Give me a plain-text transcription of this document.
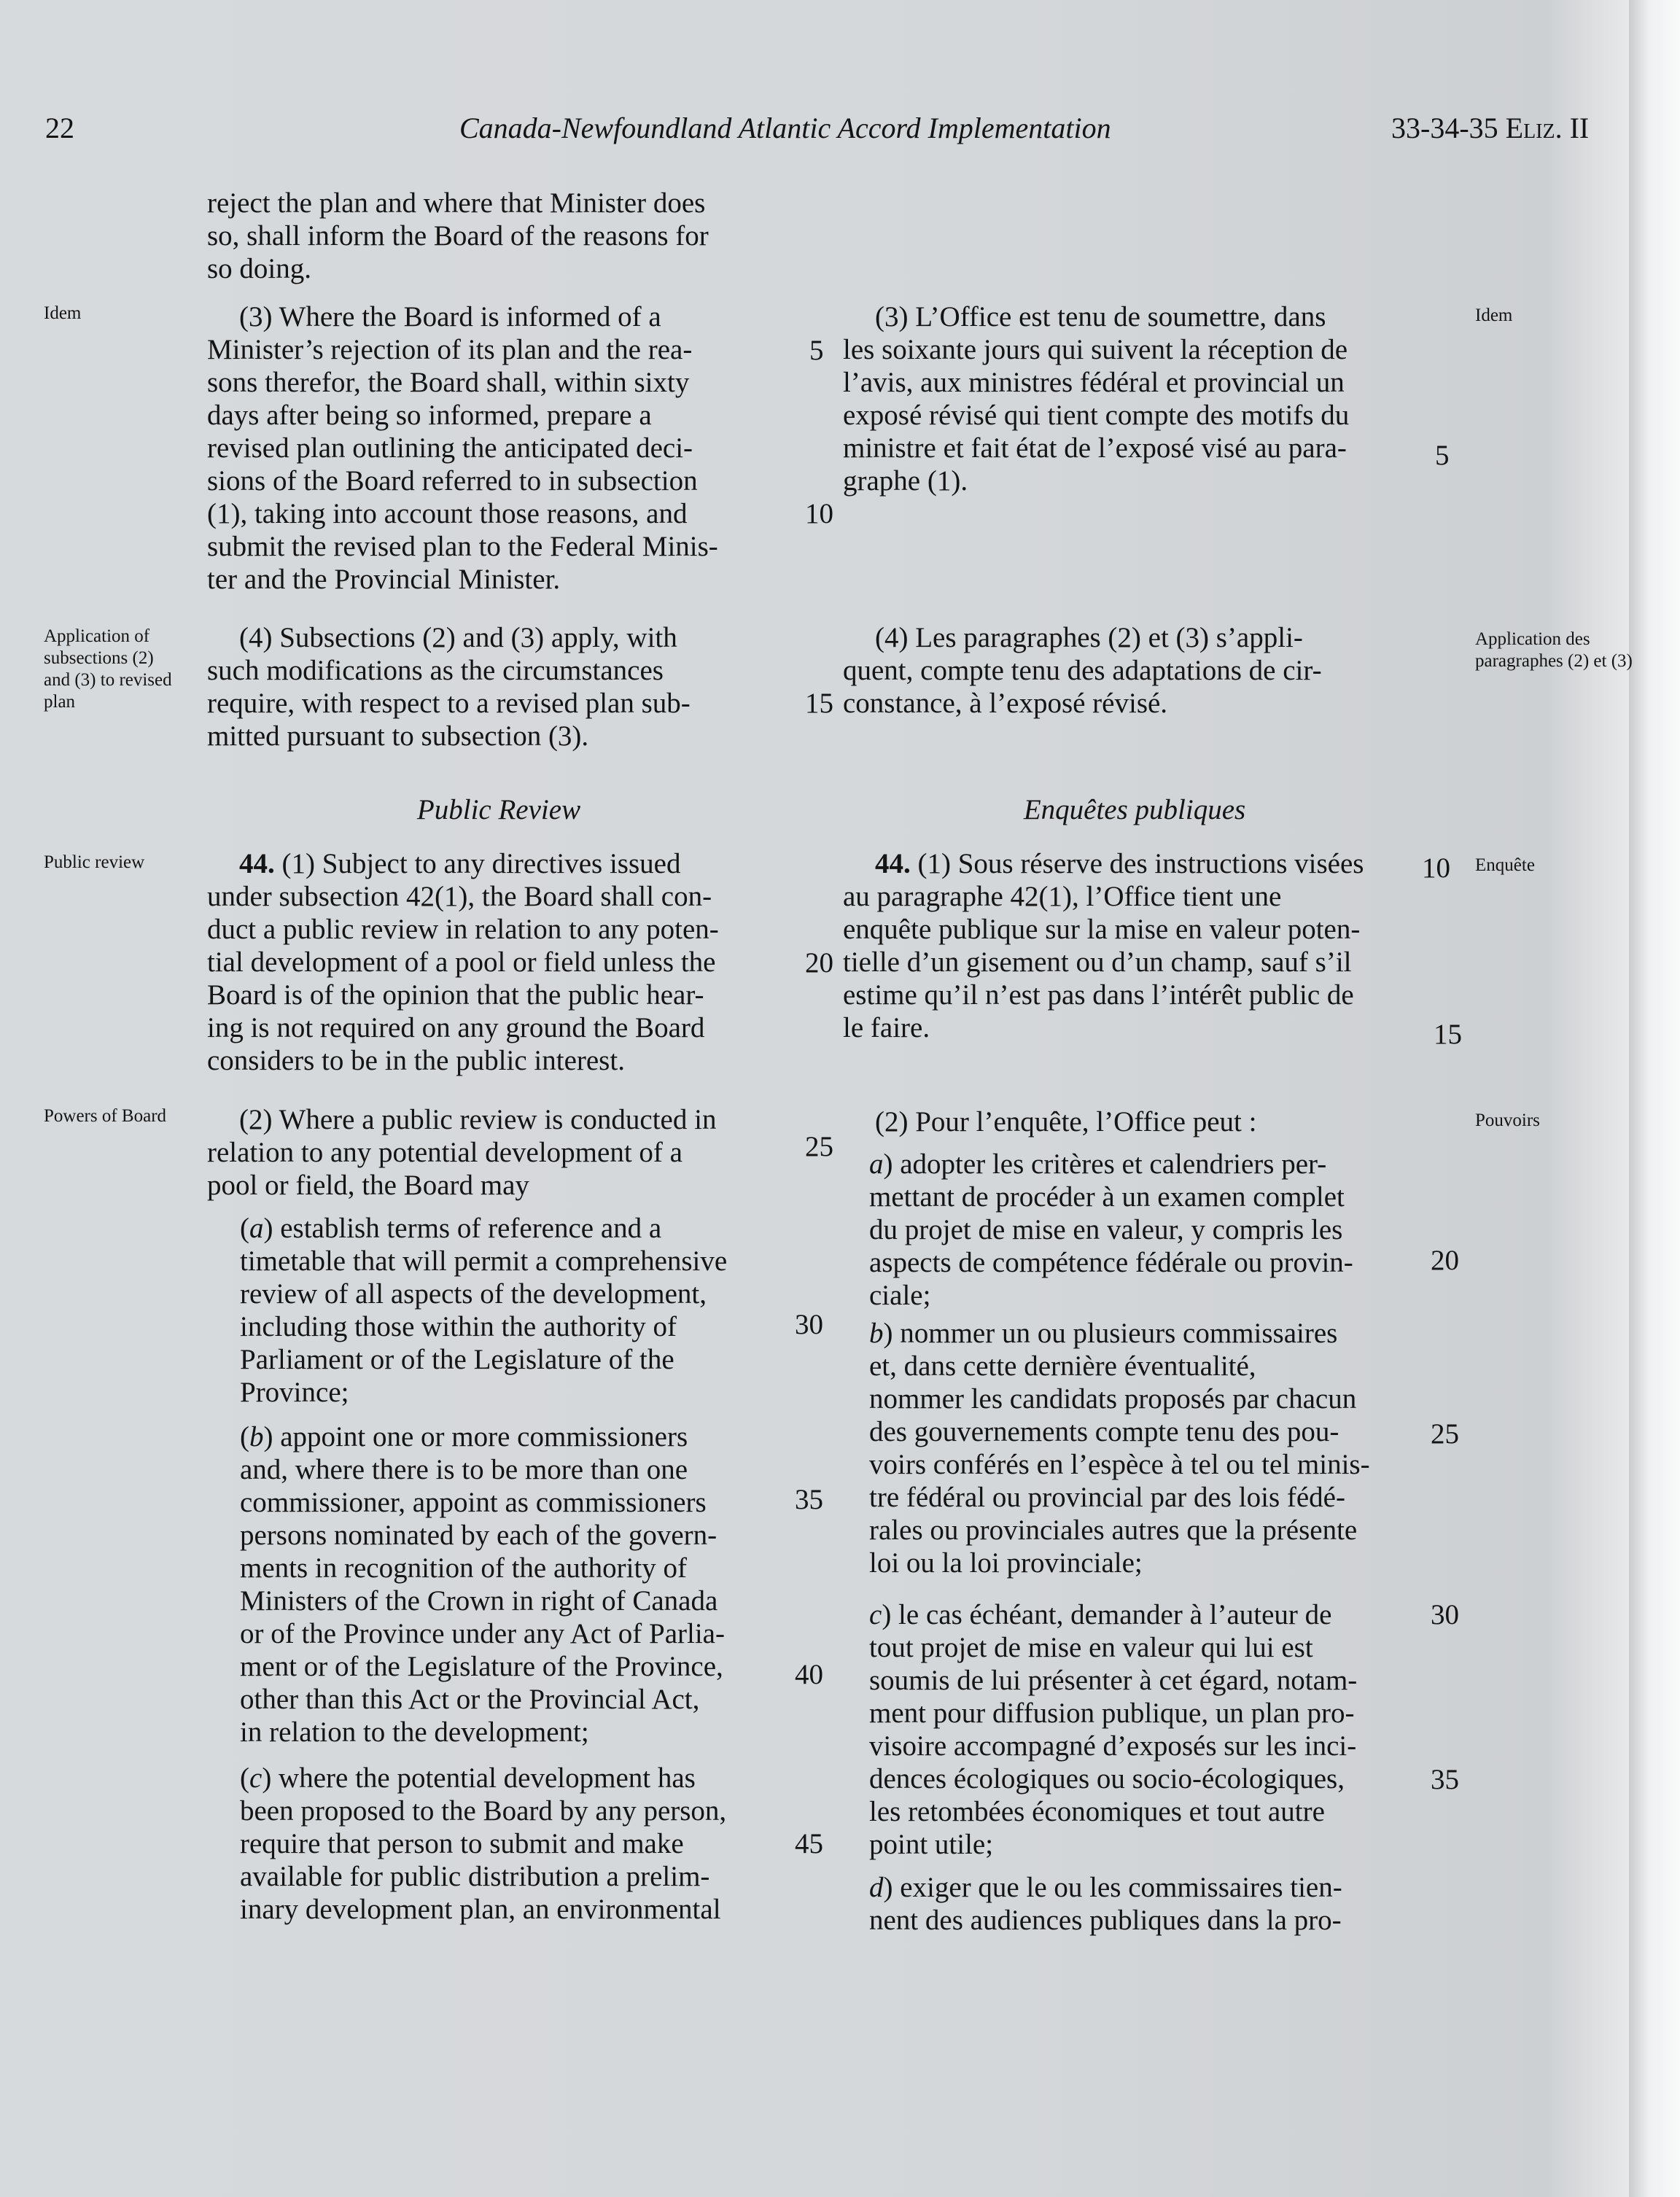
22	Canada-Newfoundland Atlantic Accord Implementation	33-34-35 Eliz. II
Idem
Application of subsections (2) and (3) to revised plan
Public review
Powers of Board
Idem
Application des paragraphes (2) et (3)
Enquête
Pouvoirs

reject the plan and where that Minister does

so, shall inform the Board of the reasons for

so doing.

(3) Where the Board is informed of a

Minister’s rejection of its plan and the rea-

sons therefor, the Board shall, within sixty

days after being so informed, prepare a

revised plan outlining the anticipated deci-

sions of the Board referred to in subsection

(1), taking into account those reasons, and

submit the revised plan to the Federal Minis-

ter and the Provincial Minister.

(4) Subsections (2) and (3) apply, with

such modifications as the circumstances

require, with respect to a revised plan sub-

mitted pursuant to subsection (3).

Public Review

44. (1) Subject to any directives issued

under subsection 42(1), the Board shall con-

duct a public review in relation to any poten-

tial development of a pool or field unless the

Board is of the opinion that the public hear-

ing is not required on any ground the Board

considers to be in the public interest.

(2) Where a public review is conducted in

relation to any potential development of a

pool or field, the Board may

(a) establish terms of reference and a

timetable that will permit a comprehensive

review of all aspects of the development,

including those within the authority of

Parliament or of the Legislature of the

Province;

(b) appoint one or more commissioners

and, where there is to be more than one

commissioner, appoint as commissioners

persons nominated by each of the govern-

ments in recognition of the authority of

Ministers of the Crown in right of Canada

or of the Province under any Act of Parlia-

ment or of the Legislature of the Province,

other than this Act or the Provincial Act,

in relation to the development;

(c) where the potential development has

been proposed to the Board by any person,

require that person to submit and make

available for public distribution a prelim-

inary development plan, an environmental

5
10
15
20
25
30
35
40
45

(3) L’Office est tenu de soumettre, dans

les soixante jours qui suivent la réception de

l’avis, aux ministres fédéral et provincial un

exposé révisé qui tient compte des motifs du

ministre et fait état de l’exposé visé au para-

graphe (1).

(4) Les paragraphes (2) et (3) s’appli-

quent, compte tenu des adaptations de cir-

constance, à l’exposé révisé.

Enquêtes publiques

44. (1) Sous réserve des instructions visées

au paragraphe 42(1), l’Office tient une

enquête publique sur la mise en valeur poten-

tielle d’un gisement ou d’un champ, sauf s’il

estime qu’il n’est pas dans l’intérêt public de

le faire.

(2) Pour l’enquête, l’Office peut :

a) adopter les critères et calendriers per-

mettant de procéder à un examen complet

du projet de mise en valeur, y compris les

aspects de compétence fédérale ou provin-

ciale;

b) nommer un ou plusieurs commissaires

et, dans cette dernière éventualité,

nommer les candidats proposés par chacun

des gouvernements compte tenu des pou-

voirs conférés en l’espèce à tel ou tel minis-

tre fédéral ou provincial par des lois fédé-

rales ou provinciales autres que la présente

loi ou la loi provinciale;

c) le cas échéant, demander à l’auteur de

tout projet de mise en valeur qui lui est

soumis de lui présenter à cet égard, notam-

ment pour diffusion publique, un plan pro-

visoire accompagné d’exposés sur les inci-

dences écologiques ou socio-écologiques,

les retombées économiques et tout autre

point utile;

d) exiger que le ou les commissaires tien-

nent des audiences publiques dans la pro-

5
10
15
20
25
30
35
